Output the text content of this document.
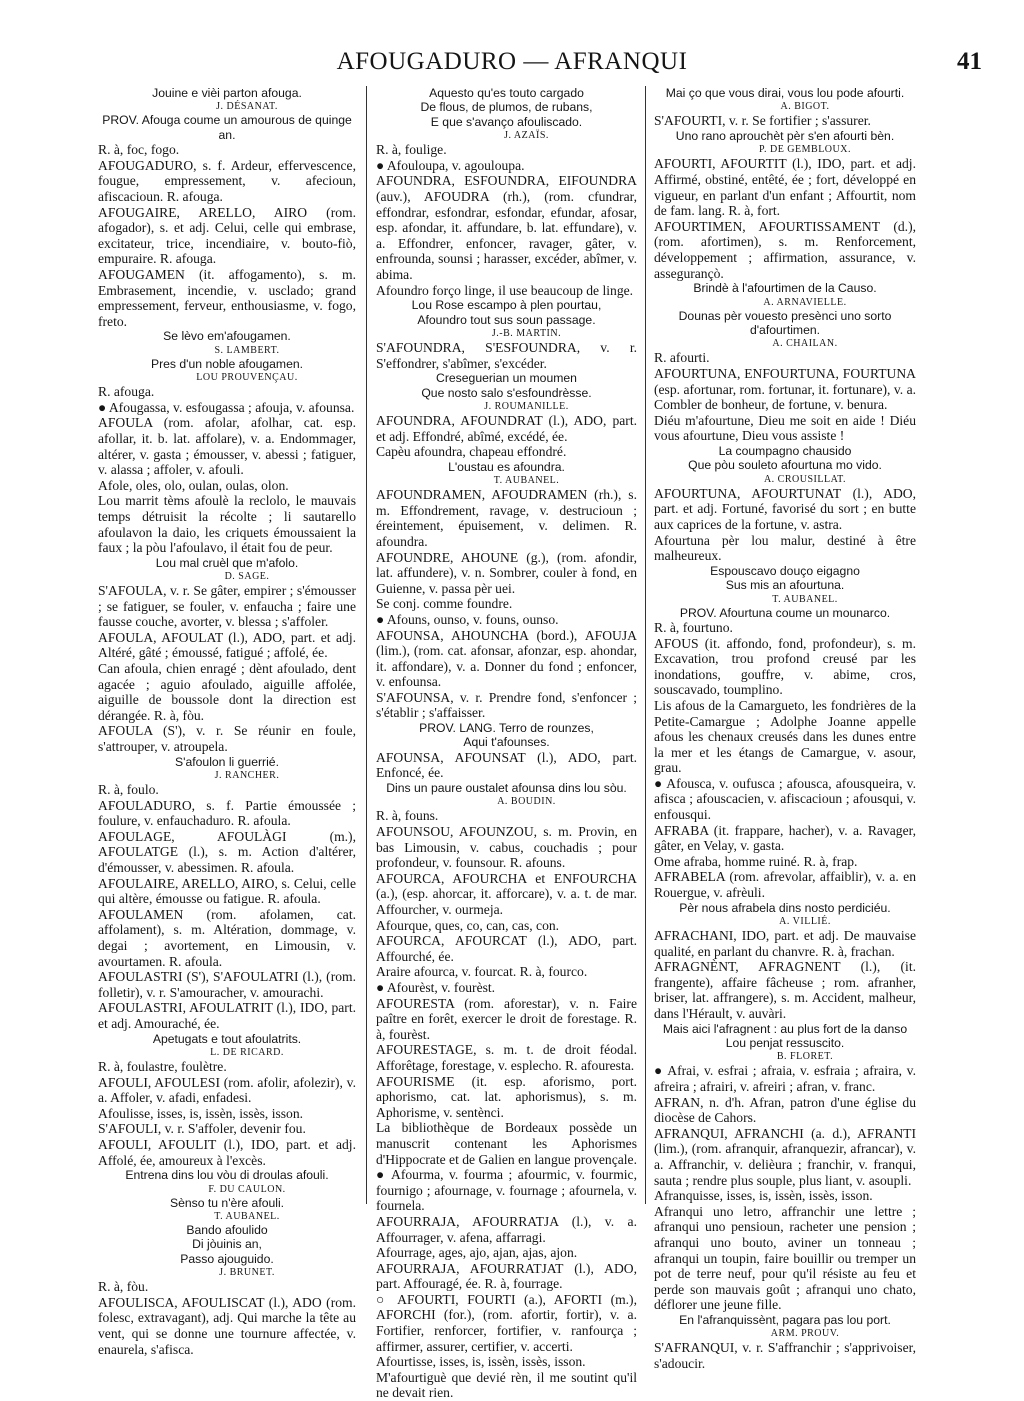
AFOUGADURO — AFRANQUI	41
Jouine e vièi parton afouga.
J. DÉSANAT.
PROV. Afouga coume un amourous de quinge an.
R. à, foc, fogo.
AFOUGADURO, s. f. Ardeur, effervescence, fougue, empressement, v. afecioun, afiscacioun. R. afouga.
AFOUGAIRE, ARELLO, AIRO (rom. afogador), s. et adj. Celui, celle qui embrase, excitateur, trice, incendiaire, v. bouto-fiò, empuraire. R. afouga.
AFOUGAMEN (it. affogamento), s. m. Embrasement, incendie, v. usclado; grand empressement, ferveur, enthousiasme, v. fogo, freto.
Se lèvo em'afougamen.
S. LAMBERT.
Pres d'un noble afougamen.
LOU PROUVENÇAU.
R. afouga.
● Afougassa, v. esfougassa ; afouja, v. afounsa.
AFOULA (rom. afolar, afolhar, cat. esp. afollar, it. b. lat. affolare), v. a. Endommager, altérer, v. gasta ; émousser, v. abessi ; fatiguer, v. alassa ; affoler, v. afouli.
Afole, oles, olo, oulan, oulas, olon.
Lou marrit tèms afoulè la reclolo, le mauvais temps détruisit la récolte ; li sautarello afoulavon la daio, les criquets émoussaient la faux ; la pòu l'afoulavo, il était fou de peur.
Lou mal cruèl que m'afolo.
D. SAGE.
S'AFOULA, v. r. Se gâter, empirer ; s'émousser ; se fatiguer, se fouler, v. enfaucha ; faire une fausse couche, avorter, v. blessa ; s'affoler.
AFOULA, AFOULAT (l.), ADO, part. et adj. Altéré, gâté ; émoussé, fatigué ; affolé, ée.
Can afoula, chien enragé ; dènt afoulado, dent agacée ; aguio afoulado, aiguille affolée, aiguille de boussole dont la direction est dérangée. R. à, fòu.
AFOULA (S'), v. r. Se réunir en foule, s'attrouper, v. atroupela.
S'afoulon li guerrié.
J. RANCHER.
R. à, foulo.
AFOULADURO, s. f. Partie émoussée ; foulure, v. enfauchaduro. R. afoula.
AFOULAGE, AFOULÀGI (m.), AFOULATGE (l.), s. m. Action d'altérer, d'émousser, v. abessimen. R. afoula.
AFOULAIRE, ARELLO, AIRO, s. Celui, celle qui altère, émousse ou fatigue. R. afoula.
AFOULAMEN (rom. afolamen, cat. affolament), s. m. Altération, dommage, v. degai ; avortement, en Limousin, v. avourtamen. R. afoula.
AFOULASTRI (S'), S'AFOULATRI (l.), (rom. folletir), v. r. S'amouracher, v. amourachi.
AFOULASTRI, AFOULATRIT (l.), IDO, part. et adj. Amouraché, ée.
Apetugats e tout afoulatrits.
L. DE RICARD.
R. à, foulastre, foulètre.
AFOULI, AFOULESI (rom. afolir, afolezir), v. a. Affoler, v. afadi, enfadesi.
Afoulisse, isses, is, issèn, issès, isson.
S'AFOULI, v. r. S'affoler, devenir fou.
AFOULI, AFOULIT (l.), IDO, part. et adj. Affolé, ée, amoureux à l'excès.
Entrena dins lou vòu di droulas afouli.
F. DU CAULON.
Sènso tu n'ère afouli.
T. AUBANEL.
Bando afoulido
Di jòuinis an,
Passo ajouguido.
J. BRUNET.
R. à, fòu.
AFOULISCA, AFOULISCAT (l.), ADO (rom. folesc, extravagant), adj. Qui marche la tête au vent, qui se donne une tournure affectée, v. enaurela, s'afisca.
Aquesto qu'es touto cargado
De flous, de plumos, de rubans,
E que s'avanço afouliscado.
J. AZAÏS.
R. à, foulige.
● Afouloupa, v. agouloupa.
AFOUNDRA, ESFOUNDRA, EIFOUNDRA (auv.), AFOUDRA (rh.), (rom. cfundrar, effondrar, esfondrar, esfondar, efundar, afosar, esp. afondar, it. affundare, b. lat. effundare), v. a. Effondrer, enfoncer, ravager, gâter, v. enfrounda, sounsi ; harasser, excéder, abîmer, v. abima.
Afoundro forço linge, il use beaucoup de linge.
Lou Rose escampo à plen pourtau,
Afoundro tout sus soun passage.
J.-B. MARTIN.
S'AFOUNDRA, S'ESFOUNDRA, v. r. S'effondrer, s'abîmer, s'excéder.
Creseguerian un moumen
Que nosto salo s'esfoundrèsse.
J. ROUMANILLE.
AFOUNDRA, AFOUNDRAT (l.), ADO, part. et adj. Effondré, abîmé, excédé, ée.
Capèu afoundra, chapeau effondré.
L'oustau es afoundra.
T. AUBANEL.
AFOUNDRAMEN, AFOUDRAMEN (rh.), s. m. Effondrement, ravage, v. destrucioun ; éreintement, épuisement, v. delimen. R. afoundra.
AFOUNDRE, AHOUNE (g.), (rom. afondir, lat. affundere), v. n. Sombrer, couler à fond, en Guienne, v. passa pèr uei.
Se conj. comme foundre.
● Afouns, ounso, v. founs, ounso.
AFOUNSA, AHOUNCHA (bord.), AFOUJA (lim.), (rom. cat. afonsar, afonzar, esp. ahondar, it. affondare), v. a. Donner du fond ; enfoncer, v. enfounsa.
S'AFOUNSA, v. r. Prendre fond, s'enfoncer ; s'établir ; s'affaisser.
PROV. LANG. Terro de rounzes,
Aqui t'afounses.
AFOUNSA, AFOUNSAT (l.), ADO, part. Enfoncé, ée.
Dins un paure oustalet afounsa dins lou sòu.
A. BOUDIN.
R. à, founs.
AFOUNSOU, AFOUNZOU, s. m. Provin, en bas Limousin, v. cabus, couchadis ; pour profondeur, v. founsour. R. afouns.
AFOURCA, AFOURCHA et ENFOURCHA (a.), (esp. ahorcar, it. afforcare), v. a. t. de mar. Affourcher, v. ourmeja.
Afourque, ques, co, can, cas, con.
AFOURCA, AFOURCAT (l.), ADO, part. Affourché, ée.
Araire afourca, v. fourcat. R. à, fourco.
● Afourèst, v. fourèst.
AFOURESTA (rom. aforestar), v. n. Faire paître en forêt, exercer le droit de forestage. R. à, fourèst.
AFOURESTAGE, s. m. t. de droit féodal. Afforêtage, forestage, v. esplecho. R. afouresta.
AFOURISME (it. esp. aforismo, port. aphorismo, cat. lat. aphorismus), s. m. Aphorisme, v. sentènci.
La bibliothèque de Bordeaux possède un manuscrit contenant les Aphorismes d'Hippocrate et de Galien en langue provençale.
● Afourma, v. fourma ; afourmic, v. fourmic, fournigo ; afournage, v. fournage ; afournela, v. fournela.
AFOURRAJA, AFOURRATJA (l.), v. a. Affourrager, v. afena, affarragi.
Afourrage, ages, ajo, ajan, ajas, ajon.
AFOURRAJA, AFOURRATJAT (l.), ADO, part. Affouragé, ée. R. à, fourrage.
○ AFOURTI, FOURTI (a.), AFORTI (m.), AFORCHI (for.), (rom. afortir, fortir), v. a. Fortifier, renforcer, fortifier, v. ranfourça ; affirmer, assurer, certifier, v. accerti.
Afourtisse, isses, is, issèn, issès, isson.
M'afourtiguè que devié rèn, il me soutint qu'il ne devait rien.
Mai ço que vous dirai, vous lou pode afourti.
A. BIGOT.
S'AFOURTI, v. r. Se fortifier ; s'assurer.
Uno rano aprouchèt pèr s'en afourti bèn.
P. DE GEMBLOUX.
AFOURTI, AFOURTIT (l.), IDO, part. et adj. Affirmé, obstiné, entêté, ée ; fort, développé en vigueur, en parlant d'un enfant ; Affourtit, nom de fam. lang. R. à, fort.
AFOURTIMEN, AFOURTISSAMENT (d.), (rom. afortimen), s. m. Renforcement, développement ; affirmation, assurance, v. assegurançò.
Brindè à l'afourtimen de la Causo.
A. ARNAVIELLE.
Dounas pèr vouesto presènci uno sorto d'afourtimen.
A. CHAILAN.
R. afourti.
AFOURTUNA, ENFOURTUNA, FOURTUNA (esp. afortunar, rom. fortunar, it. fortunare), v. a. Combler de bonheur, de fortune, v. benura.
Diéu m'afourtune, Dieu me soit en aide ! Diéu vous afourtune, Dieu vous assiste !
La coumpagno chausido
Que pòu souleto afourtuna mo vido.
A. CROUSILLAT.
AFOURTUNA, AFOURTUNAT (l.), ADO, part. et adj. Fortuné, favorisé du sort ; en butte aux caprices de la fortune, v. astra.
Afourtuna pèr lou malur, destiné à être malheureux.
Espouscavo douço eigagno
Sus mis an afourtuna.
T. AUBANEL.
PROV. Afourtuna coume un mounarco.
R. à, fourtuno.
AFOUS (it. affondo, fond, profondeur), s. m. Excavation, trou profond creusé par les inondations, gouffre, v. abime, cros, souscavado, toumplino.
Lis afous de la Camargueto, les fondrières de la Petite-Camargue ; Adolphe Joanne appelle afous les chenaux creusés dans les dunes entre la mer et les étangs de Camargue, v. asour, grau.
● Afousca, v. oufusca ; afousca, afousqueira, v. afisca ; afouscacien, v. afiscacioun ; afousqui, v. enfousqui.
AFRABA (it. frappare, hacher), v. a. Ravager, gâter, en Velay, v. gasta.
Ome afraba, homme ruiné. R. à, frap.
AFRABELA (rom. afrevolar, affaiblir), v. a. en Rouergue, v. afrèuli.
Pèr nous afrabela dins nosto perdiciéu.
A. VILLIÉ.
AFRACHANI, IDO, part. et adj. De mauvaise qualité, en parlant du chanvre. R. à, frachan.
AFRAGNÈNT, AFRAGNENT (l.), (it. frangente), affaire fâcheuse ; rom. afranher, briser, lat. affrangere), s. m. Accident, malheur, dans l'Hérault, v. auvàri.
Mais aici l'afragnent : au plus fort de la danso
Lou penjat ressuscito.
B. FLORET.
● Afrai, v. esfrai ; afraia, v. esfraia ; afraira, v. afreira ; afrairi, v. afreiri ; afran, v. franc.
AFRAN, n. d'h. Afran, patron d'une église du diocèse de Cahors.
AFRANQUI, AFRANCHI (a. d.), AFRANTI (lim.), (rom. afranquir, afranquezir, afrancar), v. a. Affranchir, v. delièura ; franchir, v. franqui, sauta ; rendre plus souple, plus liant, v. asoupli.
Afranquisse, isses, is, issèn, issès, isson.
Afranqui uno letro, affranchir une lettre ; afranqui uno pensioun, racheter une pension ; afranqui uno bouto, aviner un tonneau ; afranqui un toupin, faire bouillir ou tremper un pot de terre neuf, pour qu'il résiste au feu et perde son mauvais goût ; afranqui uno chato, déflorer une jeune fille.
En l'afranquissènt, pagara pas lou port.
ARM. PROUV.
S'AFRANQUI, v. r. S'affranchir ; s'apprivoiser, s'adoucir.
